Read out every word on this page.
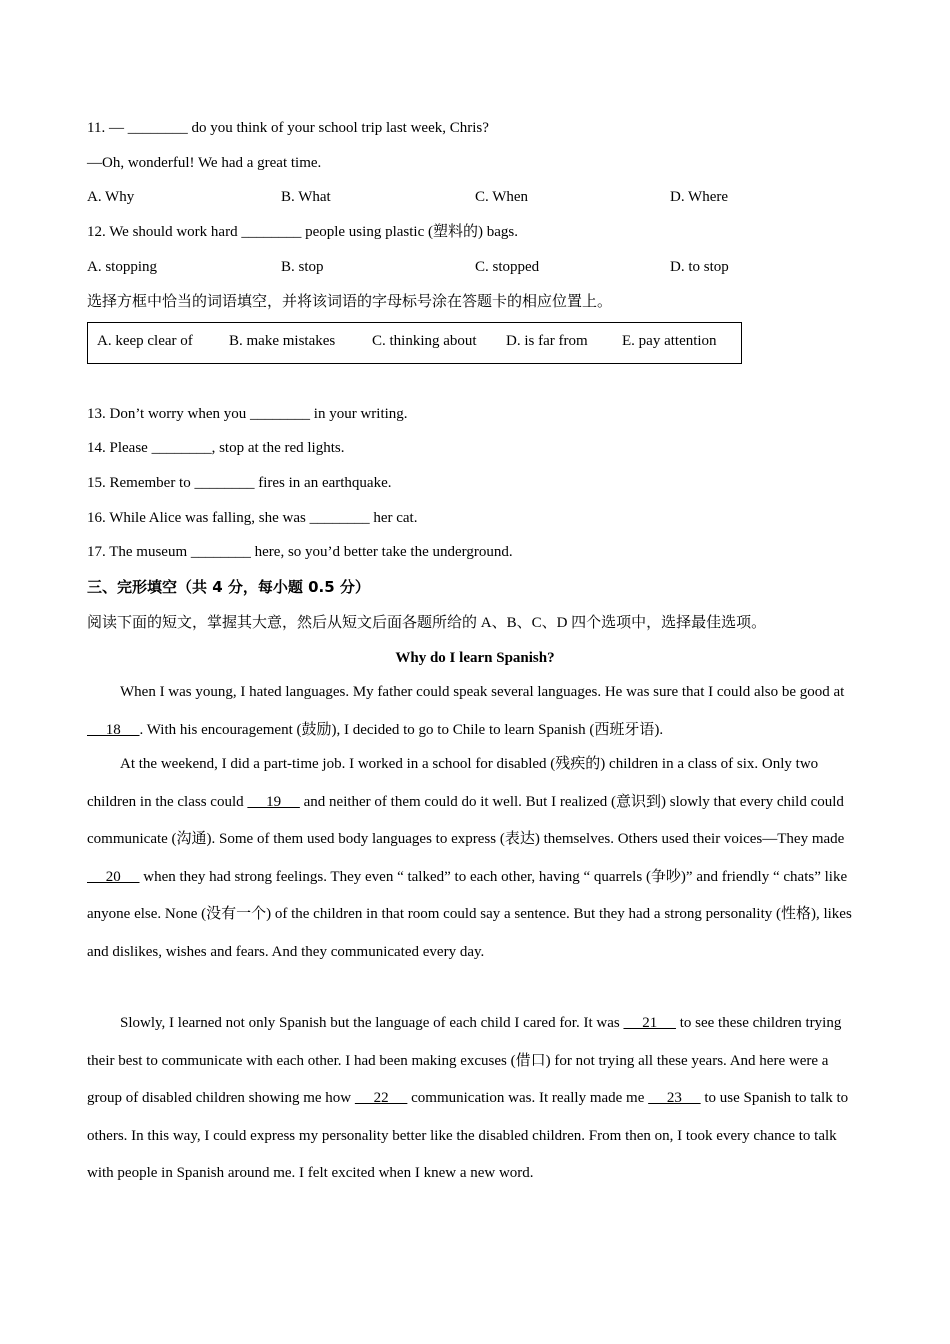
11. — ________ do you think of your school trip last week, Chris?
—Oh, wonderful! We had a great time.
A. Why	B. What	C. When	D. Where
12. We should work hard ________ people using plastic (塑料的) bags.
A. stopping	B. stop	C. stopped	D. to stop
选择方框中恰当的词语填空，并将该词语的字母标号涂在答题卡的相应位置上。
A. keep clear of B. make mistakes C. thinking about D. is far from E. pay attention
13. Don’t worry when you ________ in your writing.
14. Please ________, stop at the red lights.
15. Remember to ________ fires in an earthquake.
16. While Alice was falling, she was ________ her cat.
17. The museum ________ here, so you’d better take the underground.
三、完形填空（共 4 分，每小题 0.5 分）
阅读下面的短文，掌握其大意，然后从短文后面各题所给的 A、B、C、D 四个选项中，选择最佳选项。
Why do I learn Spanish?
When I was young, I hated languages. My father could speak several languages. He was sure that I could also be good at      18     . With his encouragement (鼓励), I decided to go to Chile to learn Spanish (西班牙语).
At the weekend, I did a part-time job. I worked in a school for disabled (残疾的) children in a class of six. Only two children in the class could      19      and neither of them could do it well. But I realized (意识到) slowly that every child could communicate (沟通). Some of them used body languages to express (表达) themselves. Others used their voices—They made      20      when they had strong feelings. They even “ talked” to each other, having “ quarrels (争吵)” and friendly “ chats” like anyone else. None (没有一个) of the children in that room could say a sentence. But they had a strong personality (性格), likes and dislikes, wishes and fears. And they communicated every day.
Slowly, I learned not only Spanish but the language of each child I cared for. It was      21      to see these children trying their best to communicate with each other. I had been making excuses (借口) for not trying all these years. And here were a group of disabled children showing me how      22      communication was. It really made me      23      to use Spanish to talk to others. In this way, I could express my personality better like the disabled children. From then on, I took every chance to talk with people in Spanish around me. I felt excited when I knew a new word.
